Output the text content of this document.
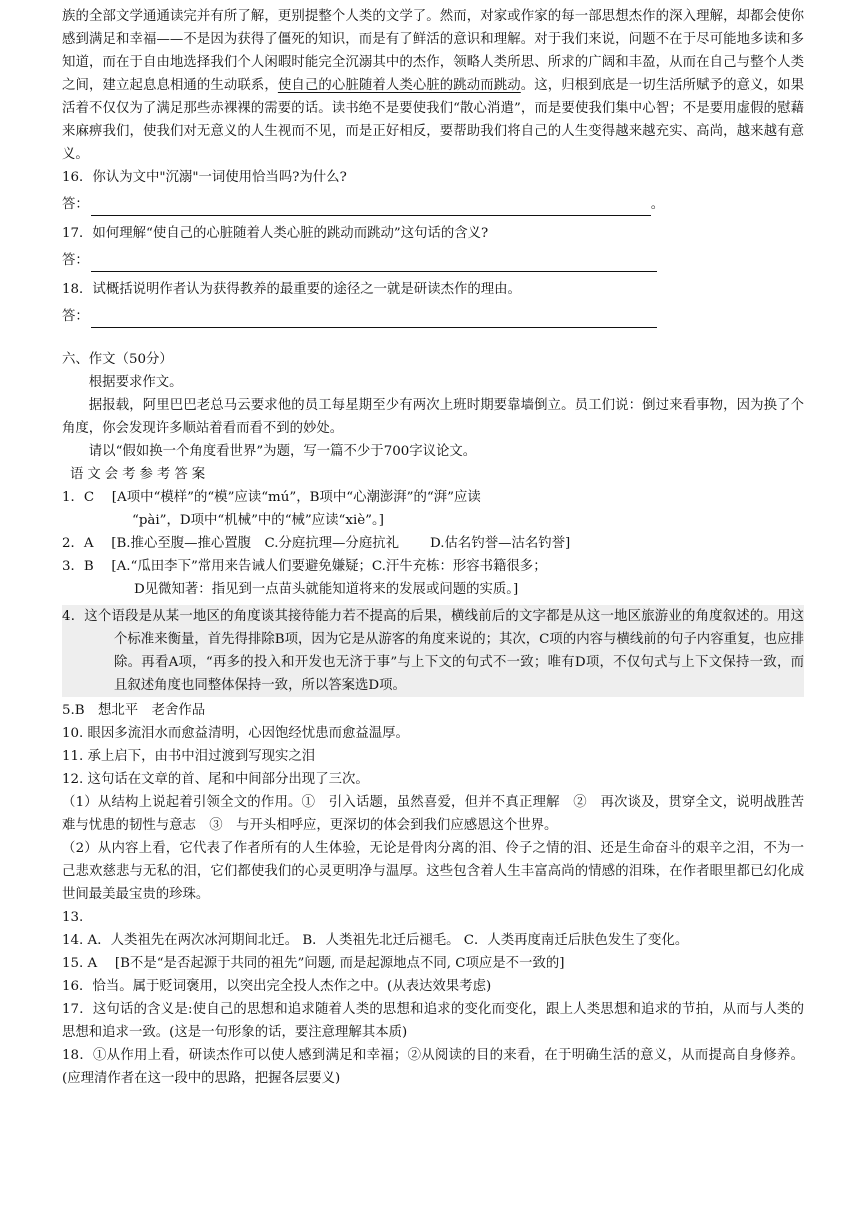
族的全部文学通通读完并有所了解，更别提整个人类的文学了。然而，对家或作家的每一部思想杰作的深入理解，却都会使你感到满足和幸福——不是因为获得了僵死的知识，而是有了鲜活的意识和理解。对于我们来说，问题不在于尽可能地多读和多知道，而在于自由地选择我们个人闲暇时能完全沉溺其中的杰作，领略人类所思、所求的广阔和丰盈，从而在自己与整个人类之间，建立起息息相通的生动联系，使自己的心脏随着人类心脏的跳动而跳动。这，归根到底是一切生活所赋予的意义，如果活着不仅仅为了满足那些赤裸裸的需要的话。读书绝不是要使我们“散心消遣”，而是要使我们集中心智；不是要用虚假的慰藉来麻痹我们，使我们对无意义的人生视而不见，而是正好相反，要帮助我们将自己的人生变得越来越充实、高尚，越来越有意义。

16．你认为文中"沉溺"一词使用恰当吗?为什么?

答：	。

17．如何理解“使自己的心脏随着人类心脏的跳动而跳动”这句话的含义?

答：

18．试概括说明作者认为获得教养的最重要的途径之一就是研读杰作的理由。

答：

六、作文（50分）

根据要求作文。

据报载，阿里巴巴老总马云要求他的员工每星期至少有两次上班时期要靠墙倒立。员工们说：倒过来看事物，因为换了个角度，你会发现许多顺站着看而看不到的妙处。

请以“假如换一个角度看世界”为题，写一篇不少于700字议论文。

语文会考参考答案

1．C　 [A项中“模样”的“模”应读“mú”，B项中“心潮澎湃”的“湃”应读

“pài”，D项中“机械”中的“械”应读“xiè”。]

2．A　 [B.推心至腹—推心置腹　C.分庭抗理—分庭抗礼　　 D.估名钓誉—沽名钓誉]

3．B　 [A.“瓜田李下”常用来告诫人们要避免嫌疑；C.汗牛充栋：形容书籍很多；

D见微知著：指见到一点苗头就能知道将来的发展或问题的实质。]

4．这个语段是从某一地区的角度谈其接待能力若不提高的后果，横线前后的文字都是从这一地区旅游业的角度叙述的。用这个标准来衡量，首先得排除B项，因为它是从游客的角度来说的；其次，C项的内容与横线前的句子内容重复，也应排除。再看A项，“再多的投入和开发也无济于事”与上下文的句式不一致；唯有D项，不仅句式与上下文保持一致，而且叙述角度也同整体保持一致，所以答案选D项。

5.B　想北平　老舍作品

10. 眼因多流泪水而愈益清明，心因饱经忧患而愈益温厚。

11. 承上启下，由书中泪过渡到写现实之泪

12. 这句话在文章的首、尾和中间部分出现了三次。

（1）从结构上说起着引领全文的作用。①　引入话题，虽然喜爱，但并不真正理解　②　再次谈及，贯穿全文，说明战胜苦难与忧患的韧性与意志　③　与开头相呼应，更深切的体会到我们应感恩这个世界。

（2）从内容上看，它代表了作者所有的人生体验，无论是骨肉分离的泪、伶子之情的泪、还是生命奋斗的艰辛之泪，不为一己悲欢慈悲与无私的泪，它们都使我们的心灵更明净与温厚。这些包含着人生丰富高尚的情感的泪珠，在作者眼里都已幻化成世间最美最宝贵的珍珠。

13.

14. A．人类祖先在两次冰河期间北迁。 B．人类祖先北迁后褪毛。 C．人类再度南迁后肤色发生了变化。

15. A　 [B不是“是否起源于共同的祖先”问题, 而是起源地点不同, C项应是不一致的]

16．恰当。属于贬词褒用，以突出完全投人杰作之中。(从表达效果考虑)

17．这句话的含义是:使自己的思想和追求随着人类的思想和追求的变化而变化，跟上人类思想和追求的节拍，从而与人类的思想和追求一致。(这是一句形象的话，要注意理解其本质)

18．①从作用上看，研读杰作可以使人感到满足和幸福；②从阅读的目的来看，在于明确生活的意义，从而提高自身修养。(应理清作者在这一段中的思路，把握各层要义)
